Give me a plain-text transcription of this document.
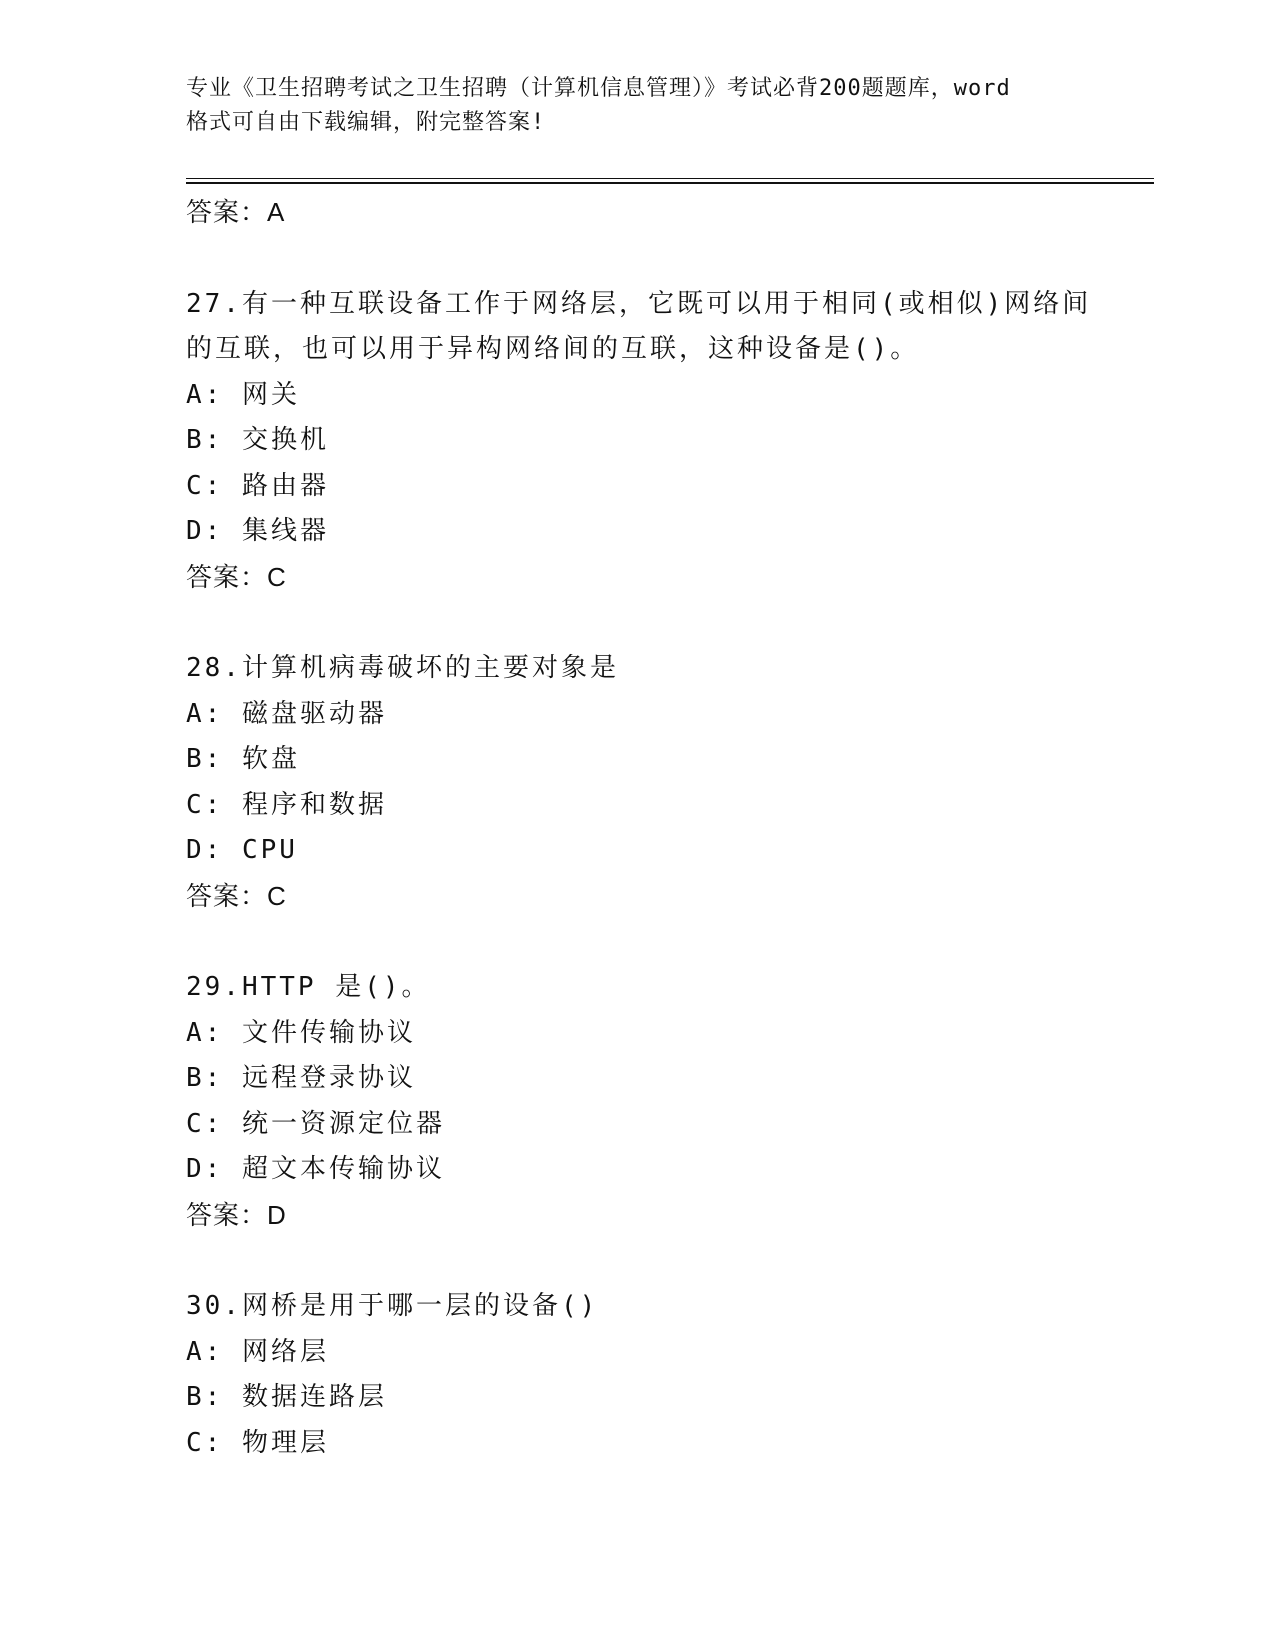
专业《卫生招聘考试之卫生招聘（计算机信息管理）》考试必背200题题库，word
格式可自由下载编辑，附完整答案!
答案：A
27.有一种互联设备工作于网络层，它既可以用于相同(或相似)网络间
的互联，也可以用于异构网络间的互联，这种设备是()。
A: 网关
B: 交换机
C: 路由器
D: 集线器
答案：C
28.计算机病毒破坏的主要对象是
A: 磁盘驱动器
B: 软盘
C: 程序和数据
D: CPU
答案：C
29.HTTP 是()。
A: 文件传输协议
B: 远程登录协议
C: 统一资源定位器
D: 超文本传输协议
答案：D
30.网桥是用于哪一层的设备()
A: 网络层
B: 数据连路层
C: 物理层
